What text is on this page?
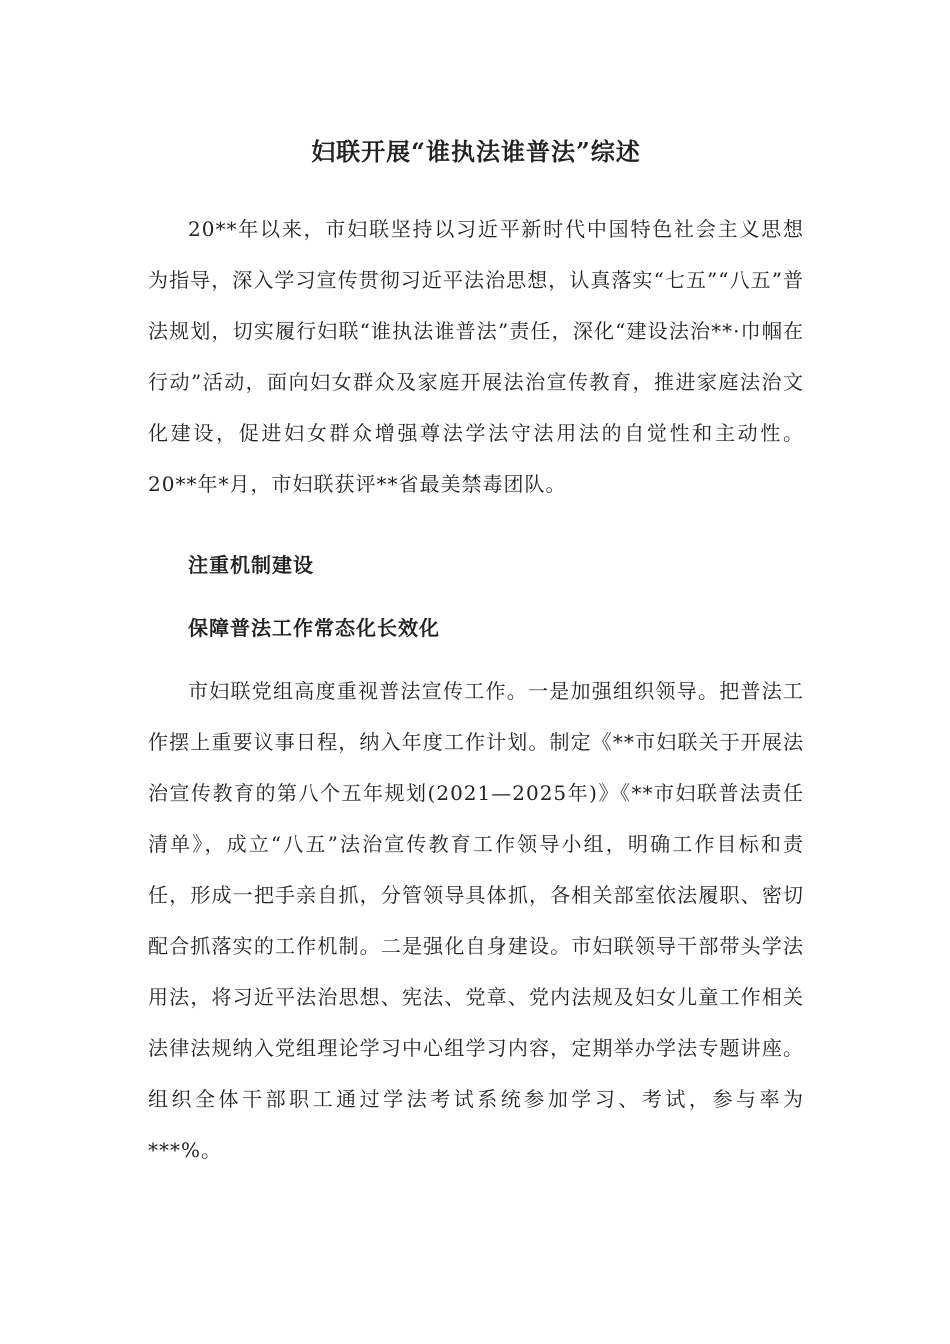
妇联开展“谁执法谁普法”综述

20**年以来，市妇联坚持以习近平新时代中国特色社会主义思想为指导，深入学习宣传贯彻习近平法治思想，认真落实“七五”“八五”普法规划，切实履行妇联“谁执法谁普法”责任，深化“建设法治**·巾帼在行动”活动，面向妇女群众及家庭开展法治宣传教育，推进家庭法治文化建设，促进妇女群众增强尊法学法守法用法的自觉性和主动性。20**年*月，市妇联获评**省最美禁毒团队。

注重机制建设

保障普法工作常态化长效化

市妇联党组高度重视普法宣传工作。一是加强组织领导。把普法工作摆上重要议事日程，纳入年度工作计划。制定《**市妇联关于开展法治宣传教育的第八个五年规划(2021—2025年)》《**市妇联普法责任清单》，成立“八五”法治宣传教育工作领导小组，明确工作目标和责任，形成一把手亲自抓，分管领导具体抓，各相关部室依法履职、密切配合抓落实的工作机制。二是强化自身建设。市妇联领导干部带头学法用法，将习近平法治思想、宪法、党章、党内法规及妇女儿童工作相关法律法规纳入党组理论学习中心组学习内容，定期举办学法专题讲座。组织全体干部职工通过学法考试系统参加学习、考试，参与率为***%。
